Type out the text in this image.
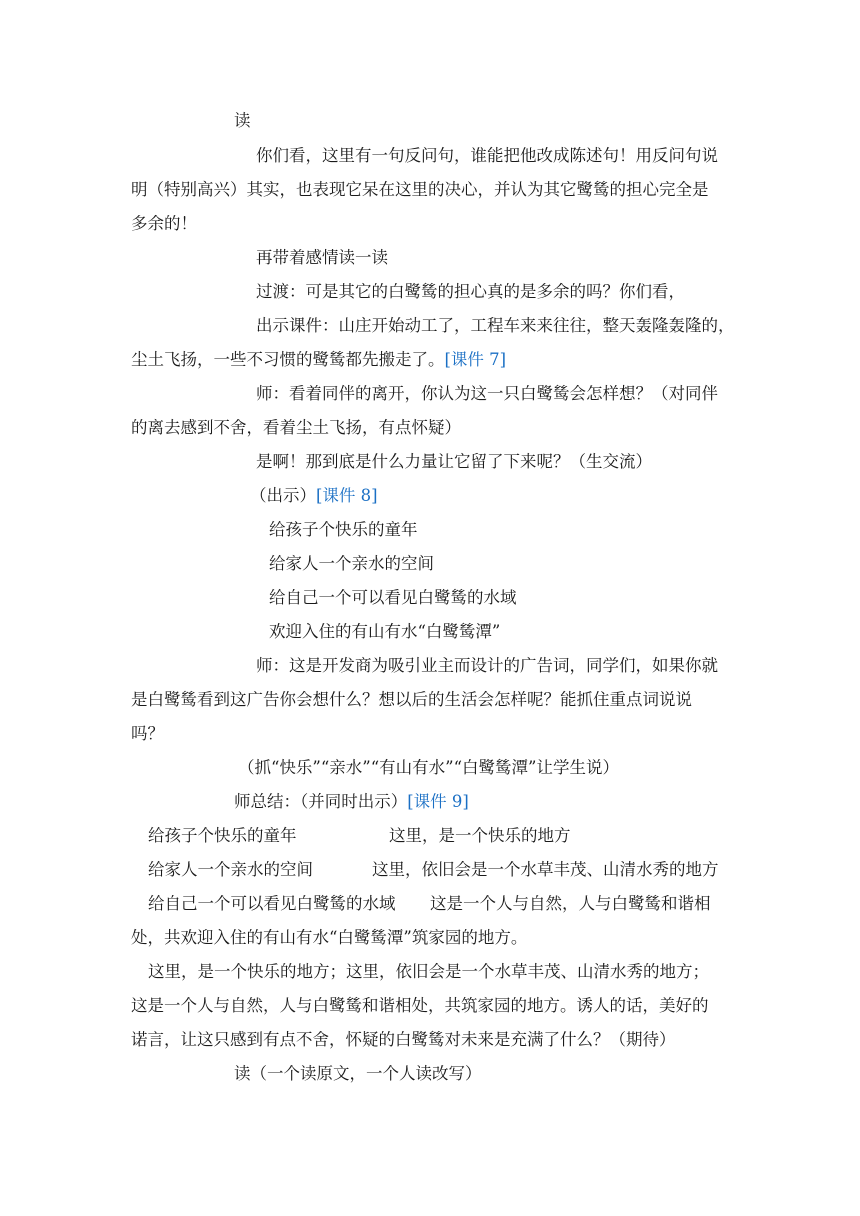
读
你们看，这里有一句反问句，谁能把他改成陈述句！用反问句说
明（特别高兴）其实，也表现它呆在这里的决心，并认为其它鹭鸶的担心完全是
多余的！
再带着感情读一读
过渡：可是其它的白鹭鸶的担心真的是多余的吗？你们看，
出示课件：山庄开始动工了，工程车来来往往，整天轰隆轰隆的，
尘土飞扬，一些不习惯的鹭鸶都先搬走了。[课件 7]
师：看着同伴的离开，你认为这一只白鹭鸶会怎样想？（对同伴
的离去感到不舍，看着尘土飞扬，有点怀疑）
是啊！那到底是什么力量让它留了下来呢？（生交流）
（出示）[课件 8]
给孩子个快乐的童年
给家人一个亲水的空间
给自己一个可以看见白鹭鸶的水域
欢迎入住的有山有水“白鹭鸶潭”
师：这是开发商为吸引业主而设计的广告词，同学们，如果你就
是白鹭鸶看到这广告你会想什么？想以后的生活会怎样呢？能抓住重点词说说
吗？
（抓“快乐”“亲水”“有山有水”“白鹭鸶潭”让学生说）
师总结：（并同时出示）[课件 9]
给孩子个快乐的童年	这里，是一个快乐的地方
给家人一个亲水的空间	这里，依旧会是一个水草丰茂、山清水秀的地方
给自己一个可以看见白鹭鸶的水域 这是一个人与自然，人与白鹭鸶和谐相
处，共欢迎入住的有山有水“白鹭鸶潭”筑家园的地方。
这里，是一个快乐的地方；这里，依旧会是一个水草丰茂、山清水秀的地方；
这是一个人与自然，人与白鹭鸶和谐相处，共筑家园的地方。诱人的话，美好的
诺言，让这只感到有点不舍，怀疑的白鹭鸶对未来是充满了什么？（期待）
读（一个读原文，一个人读改写）
